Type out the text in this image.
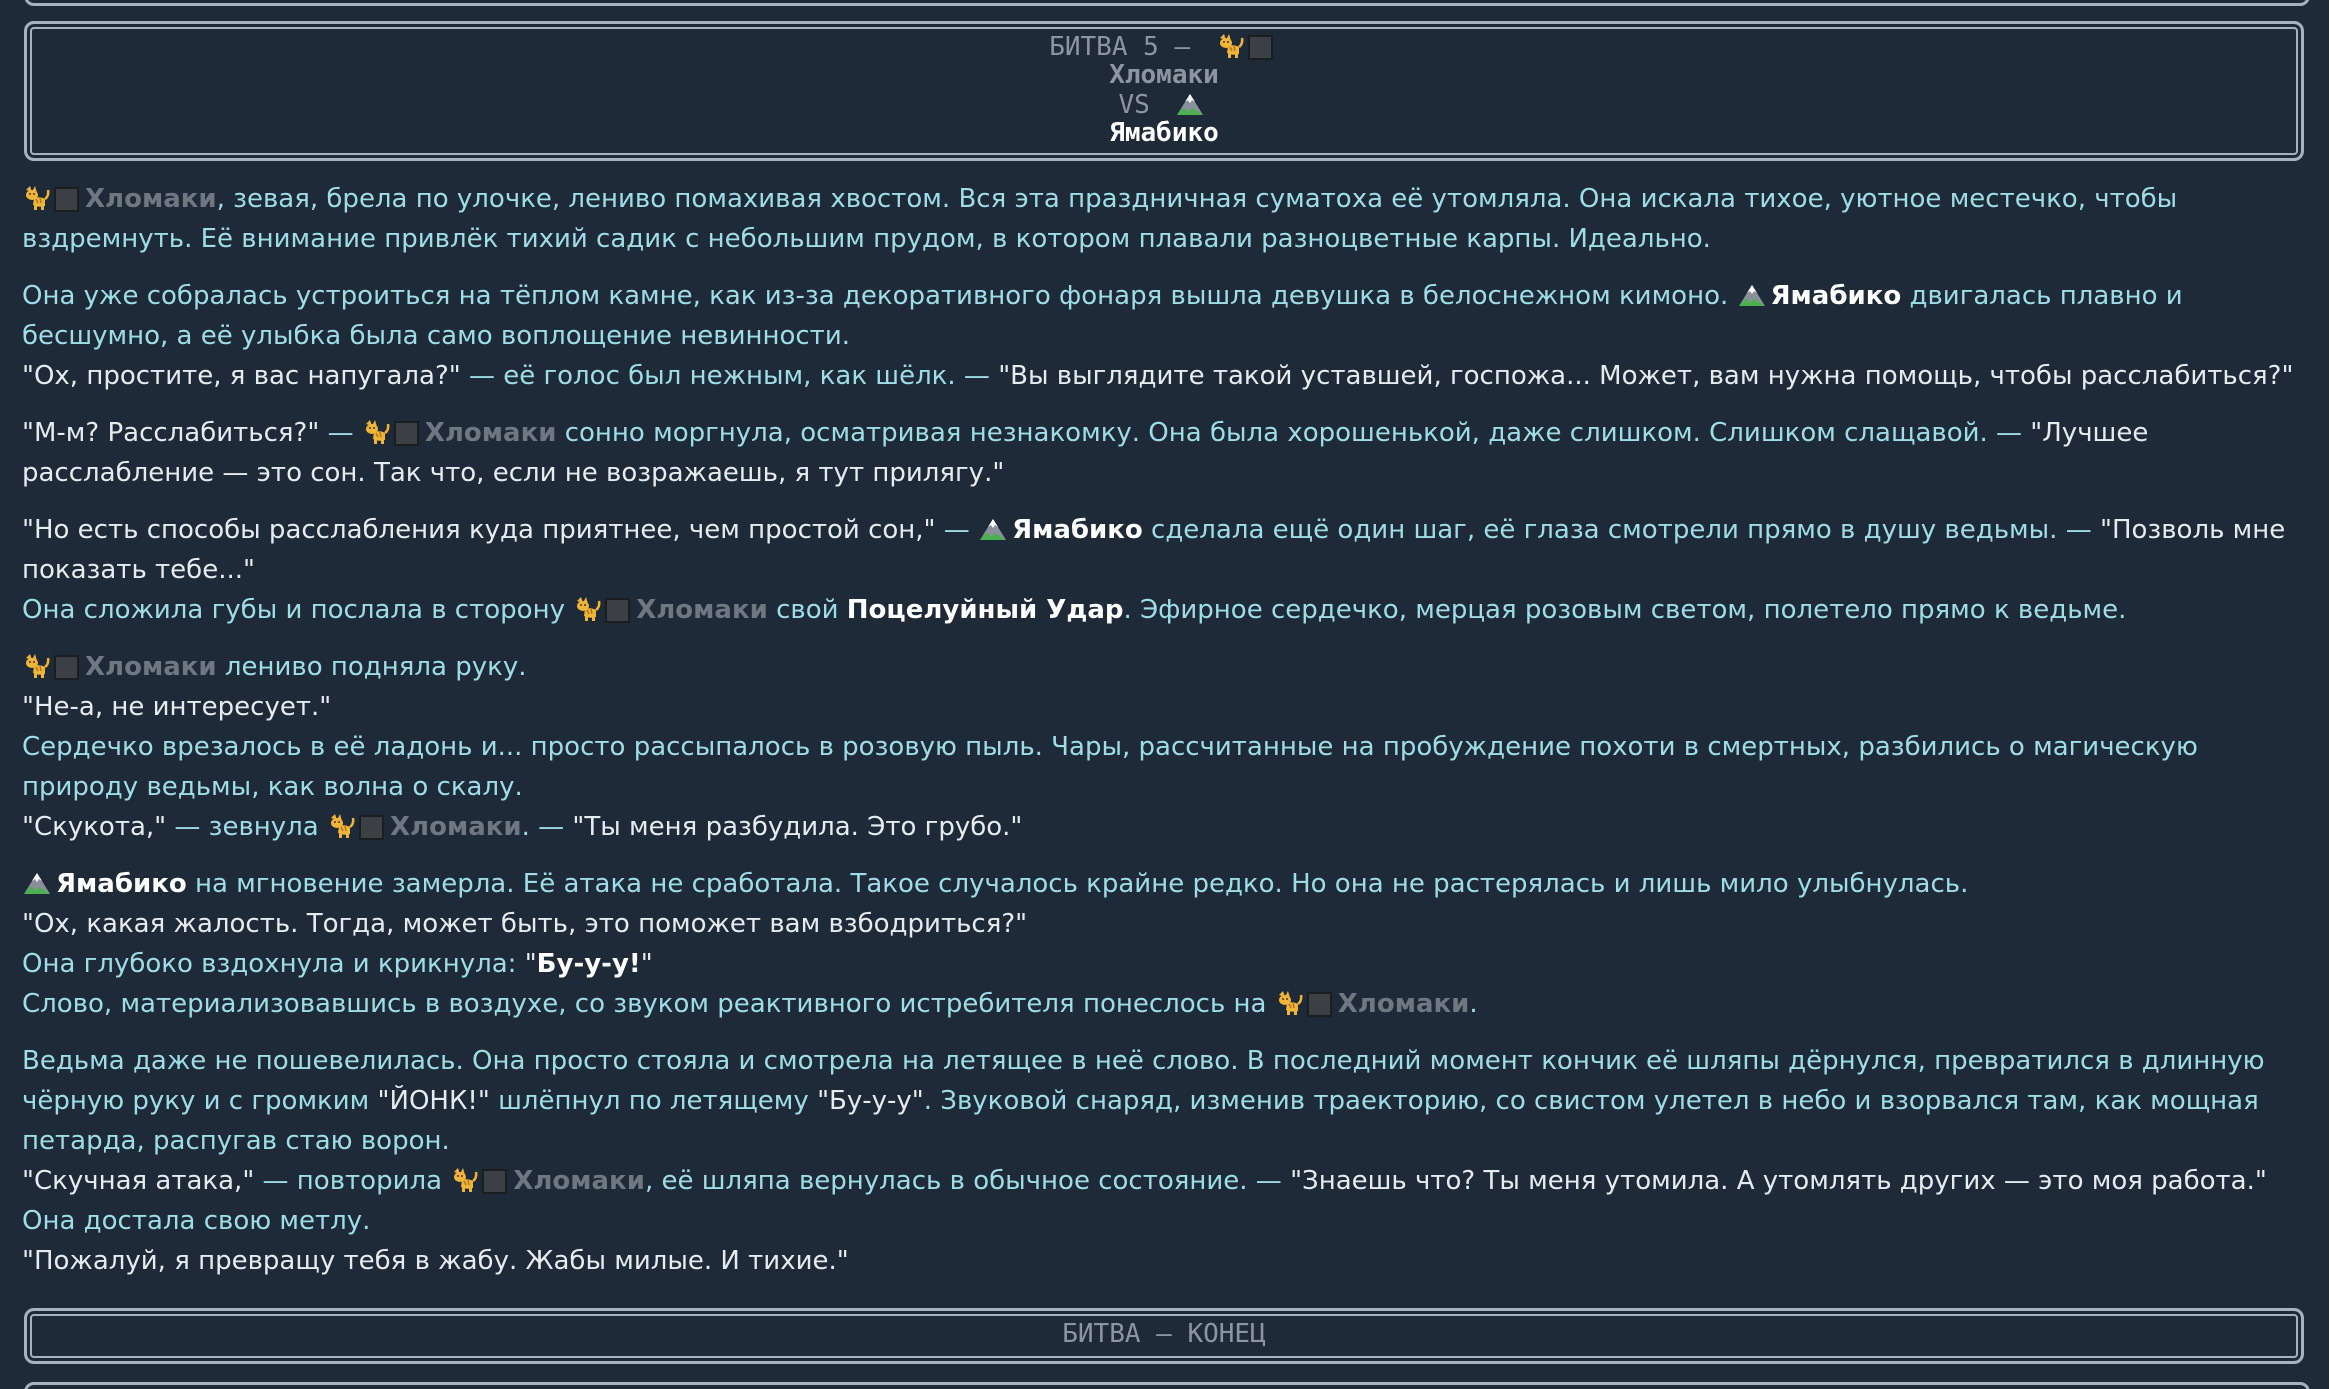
БИТВА 5 –
Хломаки
VS
Ямабико
Хломаки, зевая, брела по улочке, лениво помахивая хвостом. Вся эта праздничная суматоха её утомляла. Она искала тихое, уютное местечко, чтобы вздремнуть. Её внимание привлёк тихий садик с небольшим прудом, в котором плавали разноцветные карпы. Идеально.
Она уже собралась устроиться на тёплом камне, как из-за декоративного фонаря вышла девушка в белоснежном кимоно. Ямабико двигалась плавно и бесшумно, а её улыбка была само воплощение невинности.
"Ох, простите, я вас напугала?" — её голос был нежным, как шёлк. — "Вы выглядите такой уставшей, госпожа... Может, вам нужна помощь, чтобы расслабиться?"
"М-м? Расслабиться?" — Хломаки сонно моргнула, осматривая незнакомку. Она была хорошенькой, даже слишком. Слишком слащавой. — "Лучшее расслабление — это сон. Так что, если не возражаешь, я тут прилягу."
"Но есть способы расслабления куда приятнее, чем простой сон," — Ямабико сделала ещё один шаг, её глаза смотрели прямо в душу ведьмы. — "Позволь мне показать тебе..."
Она сложила губы и послала в сторону Хломаки свой Поцелуйный Удар. Эфирное сердечко, мерцая розовым светом, полетело прямо к ведьме.
Хломаки лениво подняла руку.
"Не-а, не интересует."
Сердечко врезалось в её ладонь и... просто рассыпалось в розовую пыль. Чары, рассчитанные на пробуждение похоти в смертных, разбились о магическую природу ведьмы, как волна о скалу.
"Скукота," — зевнула Хломаки. — "Ты меня разбудила. Это грубо."
Ямабико на мгновение замерла. Её атака не сработала. Такое случалось крайне редко. Но она не растерялась и лишь мило улыбнулась.
"Ох, какая жалость. Тогда, может быть, это поможет вам взбодриться?"
Она глубоко вздохнула и крикнула: "Бу-у-у!"
Слово, материализовавшись в воздухе, со звуком реактивного истребителя понеслось на Хломаки.
Ведьма даже не пошевелилась. Она просто стояла и смотрела на летящее в неё слово. В последний момент кончик её шляпы дёрнулся, превратился в длинную чёрную руку и с громким "ЙОНК!" шлёпнул по летящему "Бу-у-у". Звуковой снаряд, изменив траекторию, со свистом улетел в небо и взорвался там, как мощная петарда, распугав стаю ворон.
"Скучная атака," — повторила Хломаки, её шляпа вернулась в обычное состояние. — "Знаешь что? Ты меня утомила. А утомлять других — это моя работа."
Она достала свою метлу.
"Пожалуй, я превращу тебя в жабу. Жабы милые. И тихие."
БИТВА – КОНЕЦ
